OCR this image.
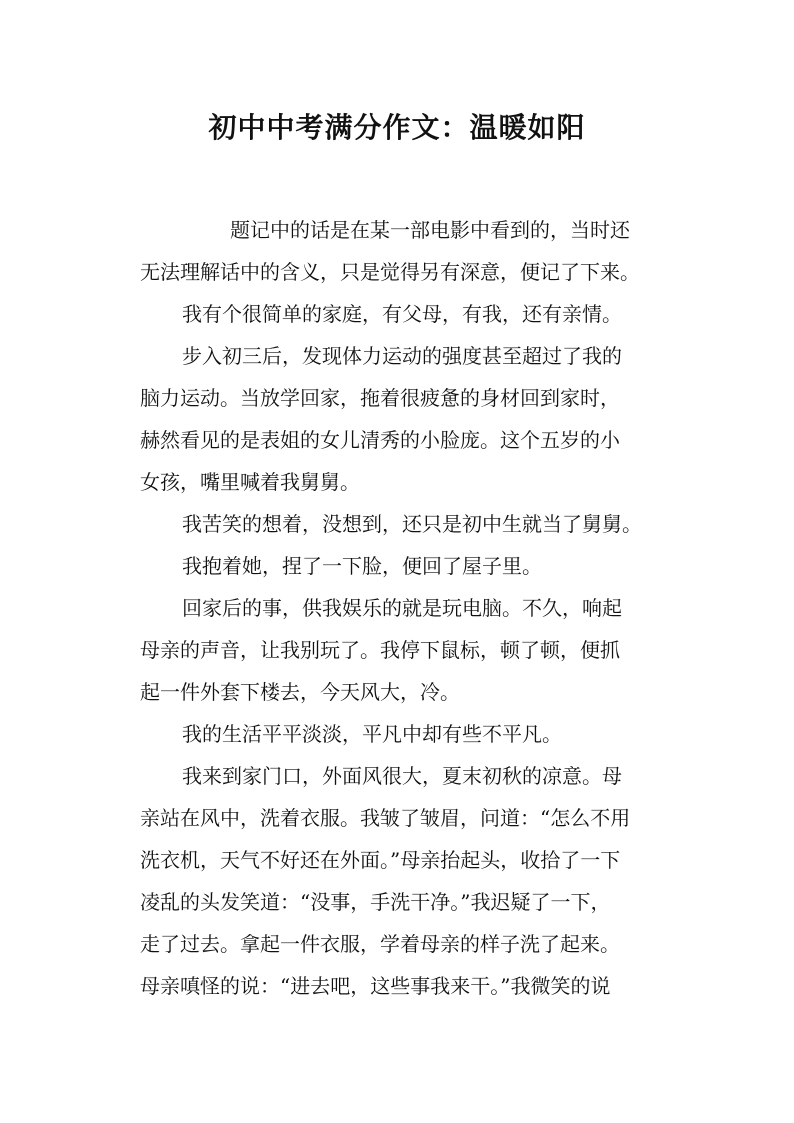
初中中考满分作文：温暖如阳
题记中的话是在某一部电影中看到的，当时还
无法理解话中的含义，只是觉得另有深意，便记了下来。
我有个很简单的家庭，有父母，有我，还有亲情。
步入初三后，发现体力运动的强度甚至超过了我的
脑力运动。当放学回家，拖着很疲惫的身材回到家时，
赫然看见的是表姐的女儿清秀的小脸庞。这个五岁的小
女孩，嘴里喊着我舅舅。
我苦笑的想着，没想到，还只是初中生就当了舅舅。
我抱着她，捏了一下脸，便回了屋子里。
回家后的事，供我娱乐的就是玩电脑。不久，响起
母亲的声音，让我别玩了。我停下鼠标，顿了顿，便抓
起一件外套下楼去，今天风大，冷。
我的生活平平淡淡，平凡中却有些不平凡。
我来到家门口，外面风很大，夏末初秋的凉意。母
亲站在风中，洗着衣服。我皱了皱眉，问道：“怎么不用
洗衣机，天气不好还在外面。”母亲抬起头，收拾了一下
凌乱的头发笑道：“没事，手洗干净。”我迟疑了一下，
走了过去。拿起一件衣服，学着母亲的样子洗了起来。
母亲嗔怪的说：“进去吧，这些事我来干。”我微笑的说
